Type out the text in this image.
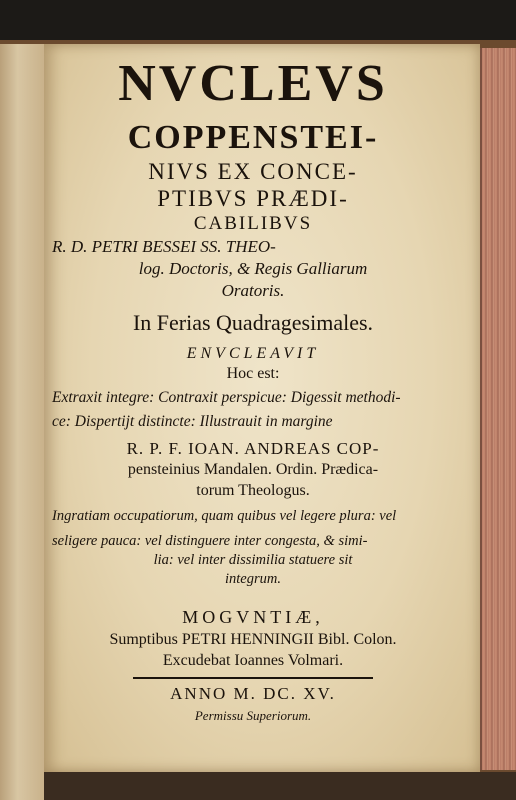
NVCLEVS
COPPENSTEI-
NIVS EX CONCE-
PTIBVS PRÆDI-
CABILIBVS
R. D. PETRI BESSEI SS. THEO-
log. Doctoris, & Regis Galliarum
Oratoris.
In Ferias Quadragesimales.
ENVCLEAVIT
Hoc est:
Extraxit integre: Contraxit perspicue: Digessit methodi-
ce: Dispertijt distincte: Illustrauit in margine
R. P. F. IOAN. ANDREAS COP-
pensteinius Mandalen. Ordin. Prædica-
torum Theologus.
Ingratiam occupatiorum, quam quibus vel legere plura: vel
seligere pauca: vel distinguere inter congesta, & simi-
lia: vel inter dissimilia statuere sit
integrum.
MOGVNTIÆ,
Sumptibus PETRI HENNINGII Bibl. Colon.
Excudebat Ioannes Volmari.
ANNO M. DC. XV.
Permissu Superiorum.
